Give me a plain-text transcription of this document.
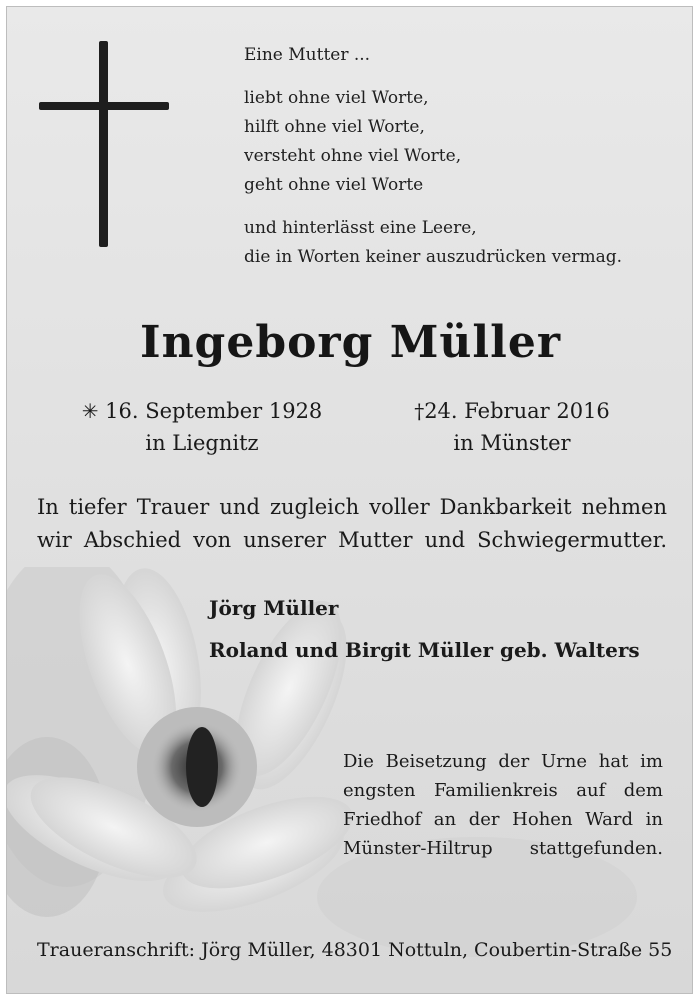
Eine Mutter ...
liebt ohne viel Worte,
hilft ohne viel Worte,
versteht ohne viel Worte,
geht ohne viel Worte
und hinterlässt eine Leere,
die in Worten keiner auszudrücken vermag.
Ingeborg Müller
✳ 16. September 1928
in Liegnitz
†24. Februar 2016
in Münster
In tiefer Trauer und zugleich voller Dankbarkeit nehmen wir Abschied von unserer Mutter und Schwiegermutter.
Jörg Müller
Roland und Birgit Müller geb. Walters
Die Beisetzung der Urne hat im
engsten Familienkreis auf dem
Friedhof an der Hohen Ward in
Münster-Hiltrup stattgefunden.
Traueranschrift: Jörg Müller, 48301 Nottuln, Coubertin-Straße 55
